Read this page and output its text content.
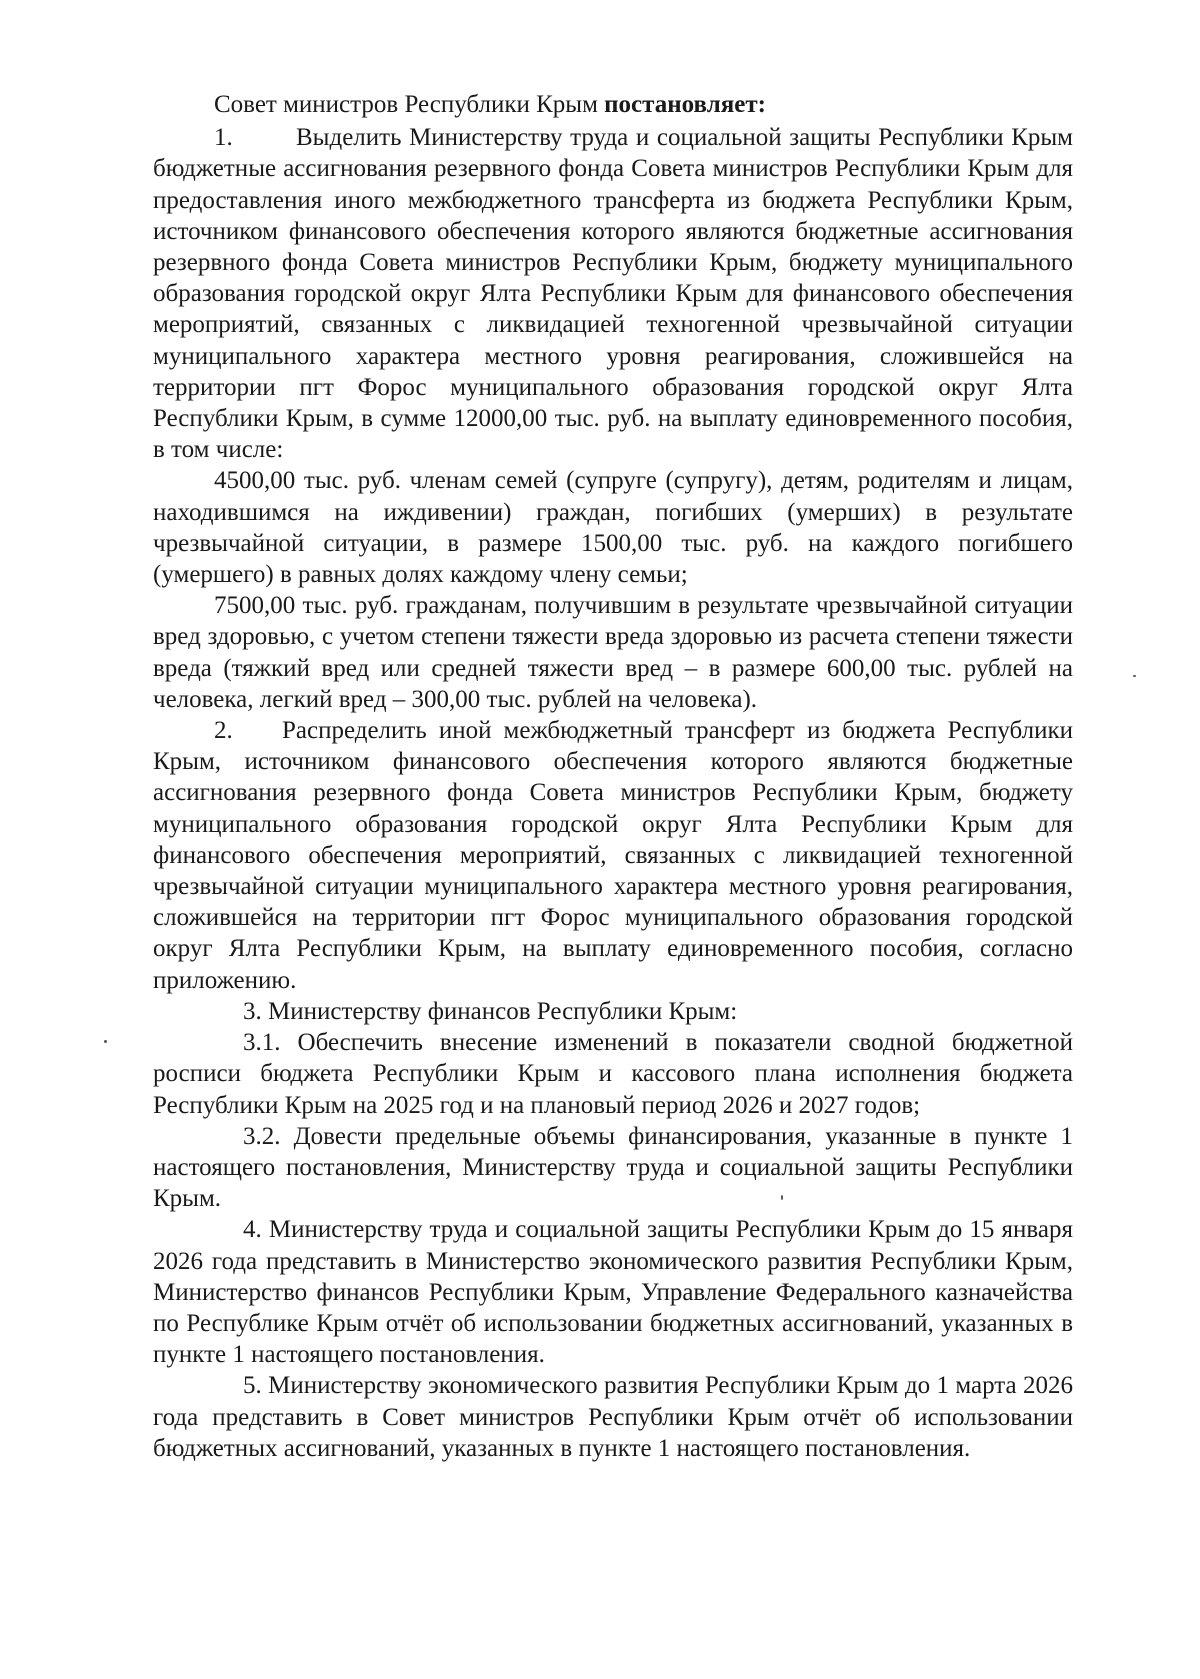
Совет министров Республики Крым постановляет:

1.	Выделить Министерству труда и социальной защиты Республики Крым бюджетные ассигнования резервного фонда Совета министров Республики Крым для предоставления иного межбюджетного трансферта из бюджета Республики Крым, источником финансового обеспечения которого являются бюджетные ассигнования резервного фонда Совета министров Республики Крым, бюджету муниципального образования городской округ Ялта Республики Крым для финансового обеспечения мероприятий, связанных с ликвидацией техногенной чрезвычайной ситуации муниципального характера местного уровня реагирования, сложившейся на территории пгт Форос муниципального образования городской округ Ялта Республики Крым, в сумме 12000,00 тыс. руб. на выплату единовременного пособия, в том числе:

4500,00 тыс. руб. членам семей (супруге (супругу), детям, родителям и лицам, находившимся на иждивении) граждан, погибших (умерших) в результате чрезвычайной ситуации, в размере 1500,00 тыс. руб. на каждого погибшего (умершего) в равных долях каждому члену семьи;

7500,00 тыс. руб. гражданам, получившим в результате чрезвычайной ситуации вред здоровью, с учетом степени тяжести вреда здоровью из расчета степени тяжести вреда (тяжкий вред или средней тяжести вред – в размере 600,00 тыс. рублей на человека, легкий вред – 300,00 тыс. рублей на человека).

2. Распределить иной межбюджетный трансферт из бюджета Республики Крым, источником финансового обеспечения которого являются бюджетные ассигнования резервного фонда Совета министров Республики Крым, бюджету муниципального образования городской округ Ялта Республики Крым для финансового обеспечения мероприятий, связанных с ликвидацией техногенной чрезвычайной ситуации муниципального характера местного уровня реагирования, сложившейся на территории пгт Форос муниципального образования городской округ Ялта Республики Крым, на выплату единовременного пособия, согласно приложению.

3. Министерству финансов Республики Крым:

3.1. Обеспечить внесение изменений в показатели сводной бюджетной росписи бюджета Республики Крым и кассового плана исполнения бюджета Республики Крым на 2025 год и на плановый период 2026 и 2027 годов;

3.2. Довести предельные объемы финансирования, указанные в пункте 1 настоящего постановления, Министерству труда и социальной защиты Республики Крым.

4. Министерству труда и социальной защиты Республики Крым до 15 января 2026 года представить в Министерство экономического развития Республики Крым, Министерство финансов Республики Крым, Управление Федерального казначейства по Республике Крым отчёт об использовании бюджетных ассигнований, указанных в пункте 1 настоящего постановления.

5. Министерству экономического развития Республики Крым до 1 марта 2026 года представить в Совет министров Республики Крым отчёт об использовании бюджетных ассигнований, указанных в пункте 1 настоящего постановления.
